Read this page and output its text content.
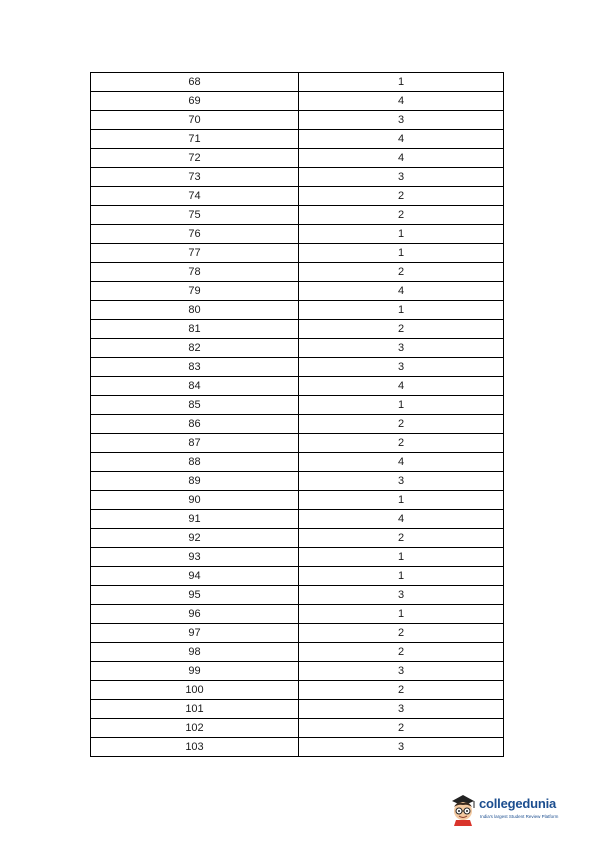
68	1
69	4
70	3
71	4
72	4
73	3
74	2
75	2
76	1
77	1
78	2
79	4
80	1
81	2
82	3
83	3
84	4
85	1
86	2
87	2
88	4
89	3
90	1
91	4
92	2
93	1
94	1
95	3
96	1
97	2
98	2
99	3
100	2
101	3
102	2
103	3
collegedunia
India's largest Student Review Platform
